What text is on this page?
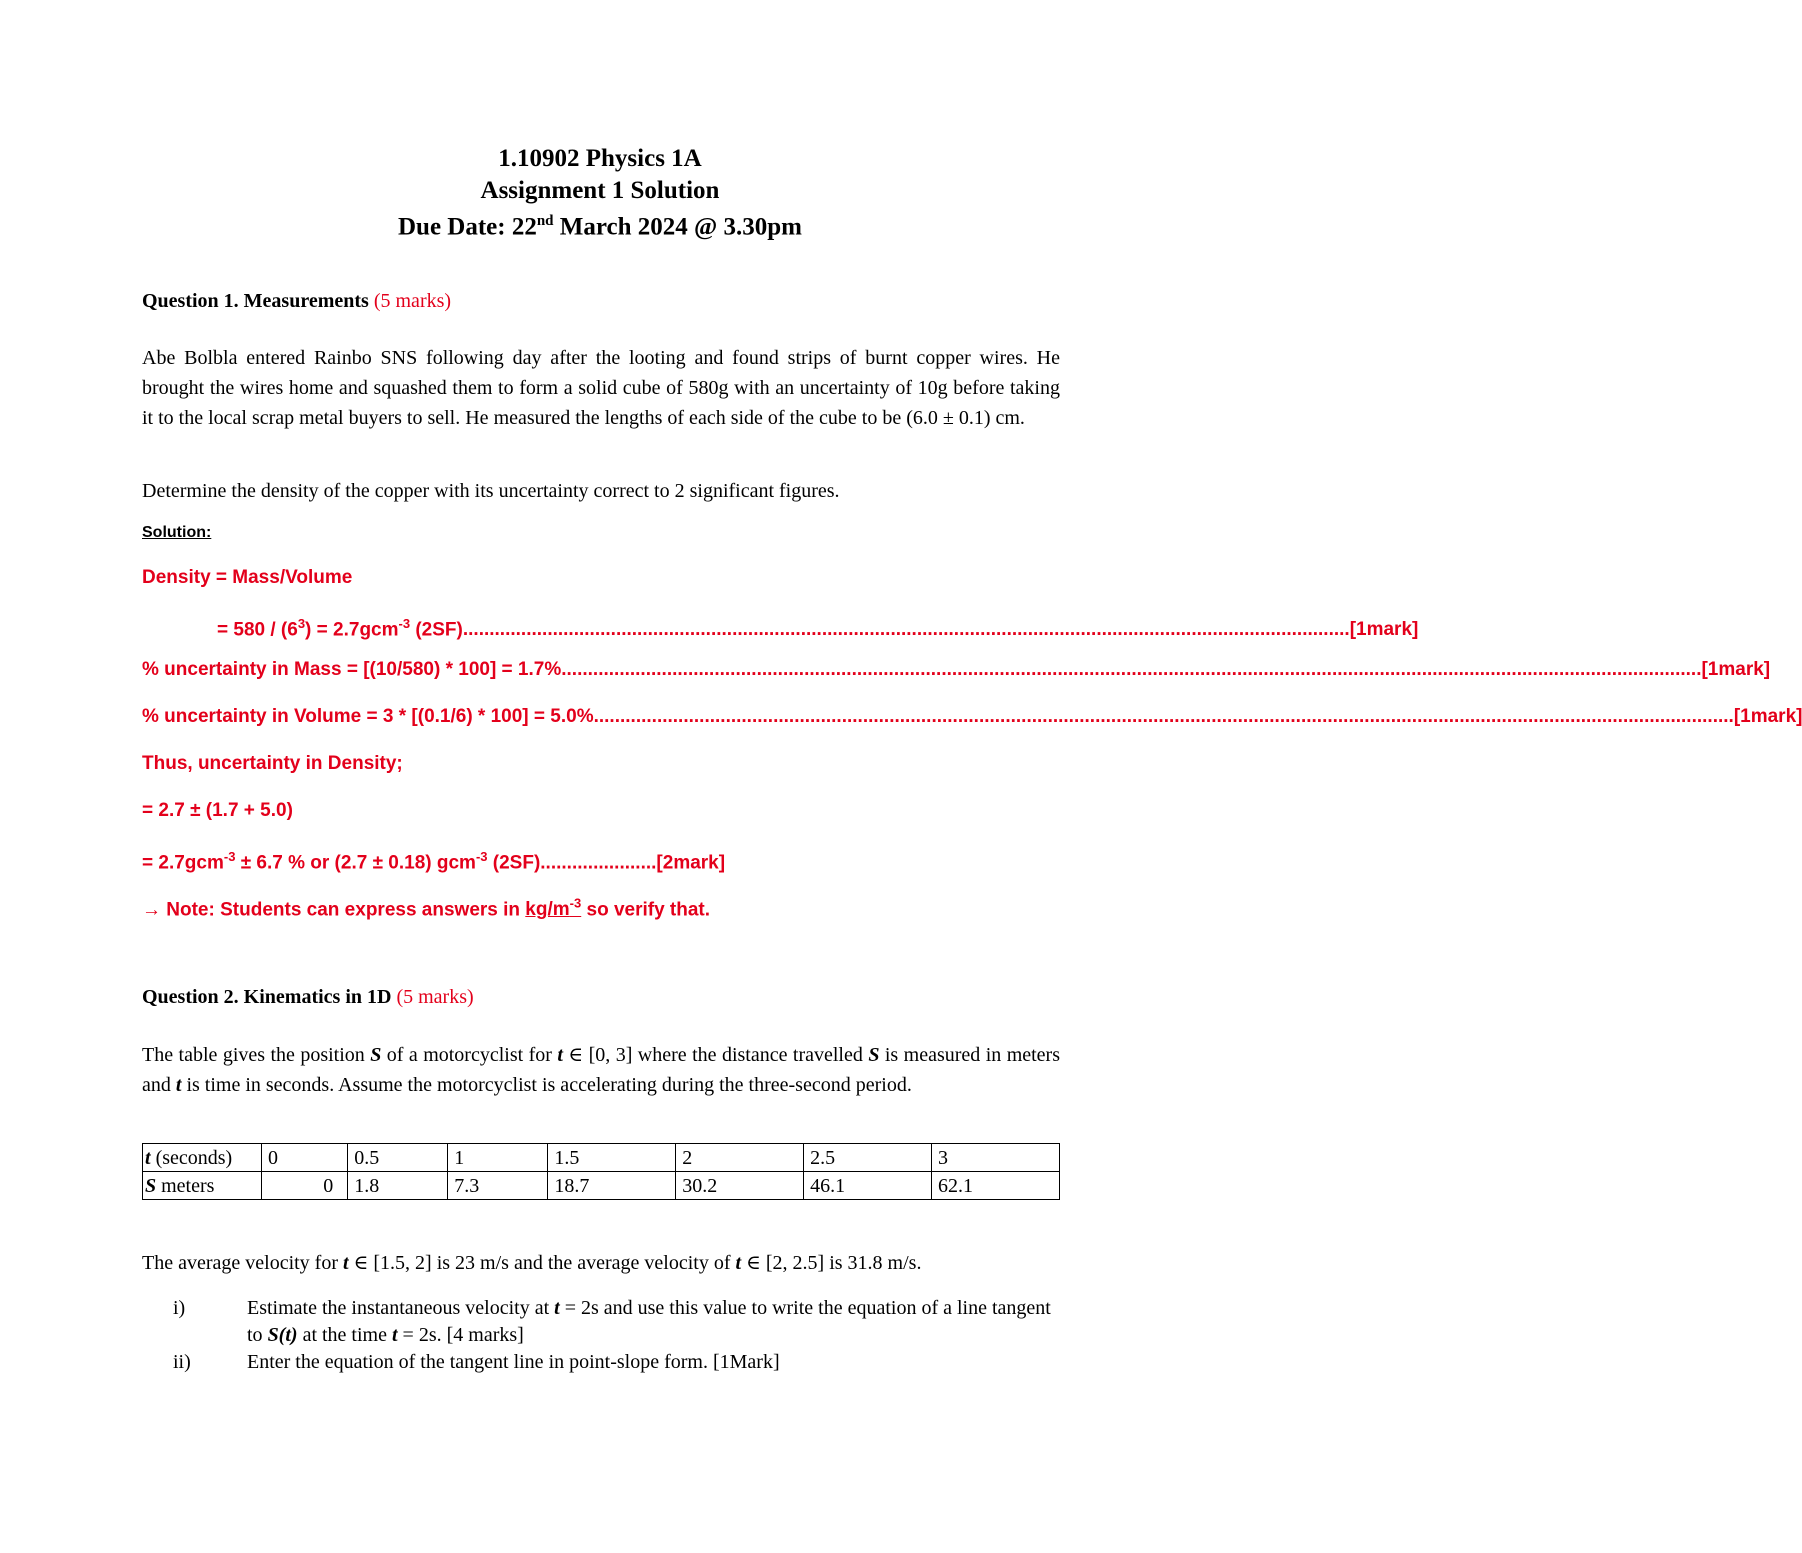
1.10902 Physics 1A
Assignment 1 Solution
Due Date: 22nd March 2024 @ 3.30pm
Question 1. Measurements (5 marks)
Abe Bolbla entered Rainbo SNS following day after the looting and found strips of burnt copper wires. He brought the wires home and squashed them to form a solid cube of 580g with an uncertainty of 10g before taking it to the local scrap metal buyers to sell. He measured the lengths of each side of the cube to be (6.0 ± 0.1) cm.
Determine the density of the copper with its uncertainty correct to 2 significant figures.
Solution:
Density = Mass/Volume
= $580 / (6^3) = 2.7gcm^{-3}$ (2SF) ........................................................................................................................................................................ [1mark]
% uncertainty in Mass = [(10/580) * 100] = 1.7% .....	[1mark]
% uncertainty in Volume = 3 * [(0.1/6) * 100] = 5.0% .....	[1mark]
Thus, uncertainty in Density;
= 2.7 ± (1.7 + 5.0)
= 2.7gcm$^{-3}$ ± 6.7 % or (2.7 ± 0.18) gcm$^{-3}$ (2SF)......................[2mark]
→ Note: Students can express answers in $kg/m^{-3}$ so verify that.
Question 2. Kinematics in 1D (5 marks)
The table gives the position S of a motorcyclist for t ∈ [0, 3] where the distance travelled S is measured in meters and t is time in seconds. Assume the motorcyclist is accelerating during the three-second period.
t (seconds)	0	0.5	1	1.5	2	2.5	3
S meters	0	1.8	7.3	18.7	30.2	46.1	62.1
The average velocity for t ∈ [1.5, 2] is 23 m/s and the average velocity of t ∈ [2, 2.5] is 31.8 m/s.
i)	Estimate the instantaneous velocity at t = 2s and use this value to write the equation of a line tangent to S(t) at the time t = 2s. [4 marks]
ii)	Enter the equation of the tangent line in point-slope form. [1Mark]
